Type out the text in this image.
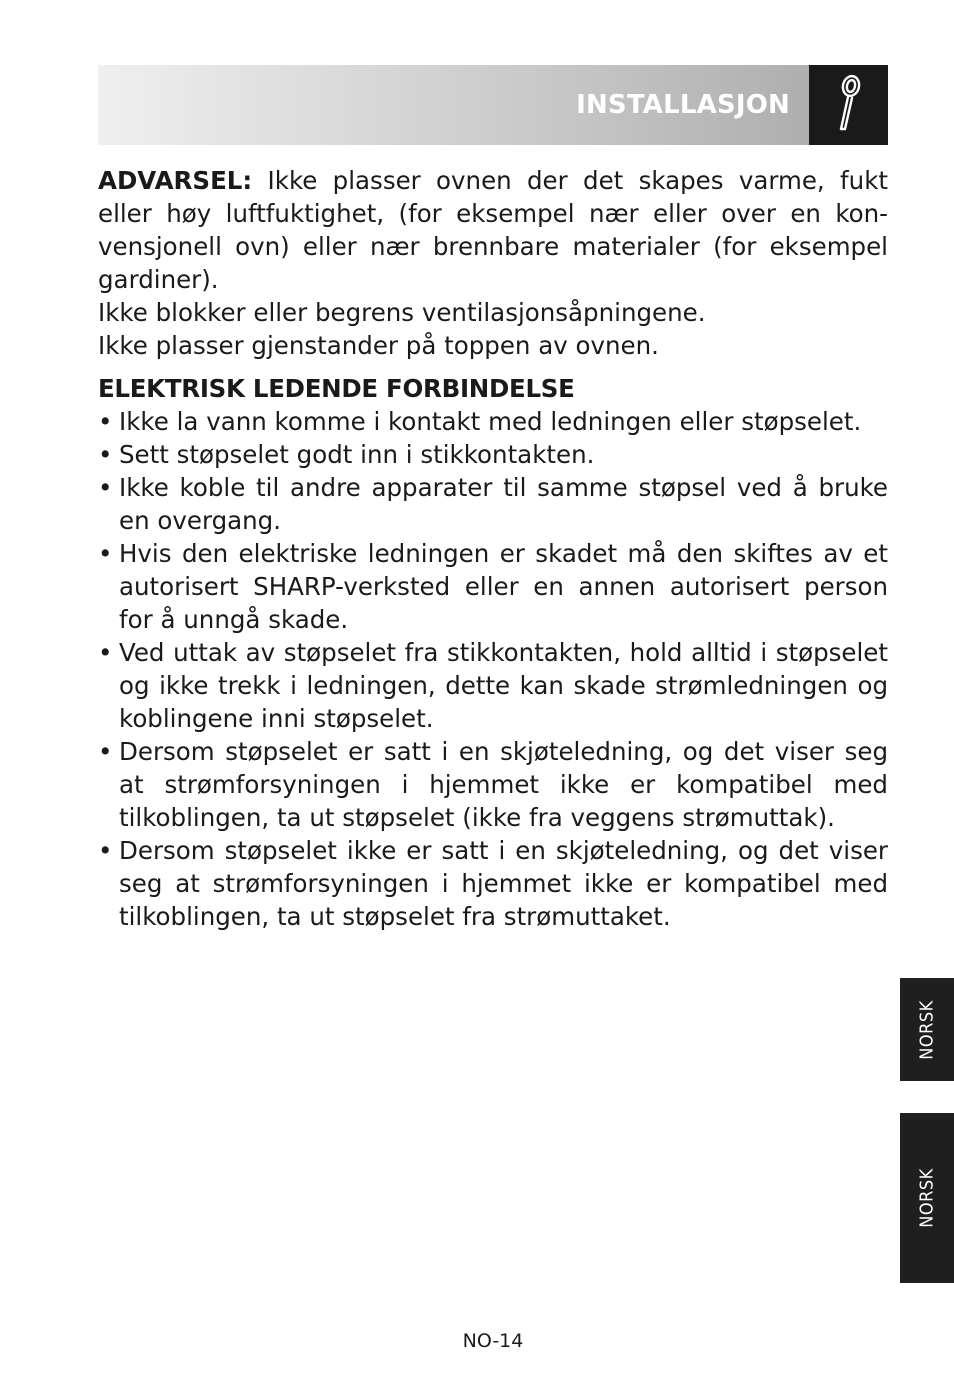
INSTALLASJON

ADVARSEL: Ikke plasser ovnen der det skapes varme, fukt eller høy luftfuktighet, (for eksempel nær eller over en konvensjonell ovn) eller nær brennbare materialer (for eksempel gardiner).

Ikke blokker eller begrens ventilasjonsåpningene.

Ikke plasser gjenstander på toppen av ovnen.

ELEKTRISK LEDENDE FORBINDELSE
• Ikke la vann komme i kontakt med ledningen eller støpselet.
• Sett støpselet godt inn i stikkontakten.
• Ikke koble til andre apparater til samme støpsel ved å bruke en overgang.
• Hvis den elektriske ledningen er skadet må den skiftes av et autorisert SHARP-verksted eller en annen autorisert person for å unngå skade.
• Ved uttak av støpselet fra stikkontakten, hold alltid i støpselet og ikke trekk i ledningen, dette kan skade strømledningen og koblingene inni støpselet.
• Dersom støpselet er satt i en skjøteledning, og det viser seg at strømforsyningen i hjemmet ikke er kompatibel med tilkoblingen, ta ut støpselet (ikke fra veggens strømuttak).
• Dersom støpselet ikke er satt i en skjøteledning, og det viser seg at strømforsyningen i hjemmet ikke er kompatibel med tilkoblingen, ta ut støpselet fra strømuttaket.
NORSK
NORSK
NO-14
